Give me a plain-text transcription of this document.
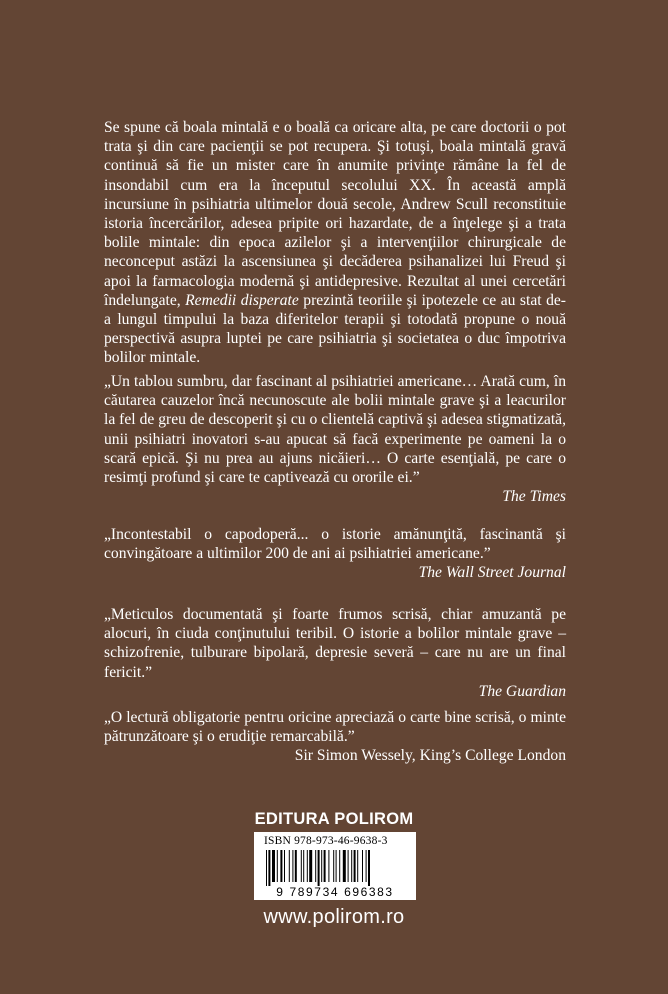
Se spune că boala mintală e o boală ca oricare alta, pe care doctorii o pot trata şi din care pacienţii se pot recupera. Şi totuşi, boala mintală gravă continuă să fie un mister care în anumite privinţe rămâne la fel de insondabil cum era la începutul secolului XX. În această amplă incursiune în psihiatria ultimelor două secole, Andrew Scull reconstituie istoria încercărilor, adesea pripite ori hazardate, de a înţelege şi a trata bolile mintale: din epoca azilelor şi a intervenţiilor chirurgicale de neconceput astăzi la ascensiunea şi decăderea psihanalizei lui Freud şi apoi la farmacologia modernă şi antidepresive. Rezultat al unei cercetări îndelungate, Remedii disperate prezintă teoriile şi ipotezele ce au stat de-a lungul timpului la baza diferitelor terapii şi totodată propune o nouă perspectivă asupra luptei pe care psihiatria şi societatea o duc împotriva bolilor mintale.

„Un tablou sumbru, dar fascinant al psihiatriei americane… Arată cum, în căutarea cauzelor încă necunoscute ale bolii mintale grave şi a leacurilor la fel de greu de descoperit şi cu o clientelă captivă şi adesea stigmatizată, unii psihiatri inovatori s-au apucat să facă experimente pe oameni la o scară epică. Şi nu prea au ajuns nicăieri… O carte esenţială, pe care o resimţi profund şi care te captivează cu ororile ei.”

The Times

„Incontestabil o capodoperă... o istorie amănunţită, fascinantă şi convingătoare a ultimilor 200 de ani ai psihiatriei americane.”

The Wall Street Journal

„Meticulos documentată şi foarte frumos scrisă, chiar amuzantă pe alocuri, în ciuda conţinutului teribil. O istorie a bolilor mintale grave – schizofrenie, tulburare bipolară, depresie severă – care nu are un final fericit.”

The Guardian

„O lectură obligatorie pentru oricine apreciază o carte bine scrisă, o minte pătrunzătoare şi o erudiţie remarcabilă.”

Sir Simon Wessely, King’s College London
EDITURA POLIROM
ISBN 978-973-46-9638-3
9 789734 696383
www.polirom.ro
